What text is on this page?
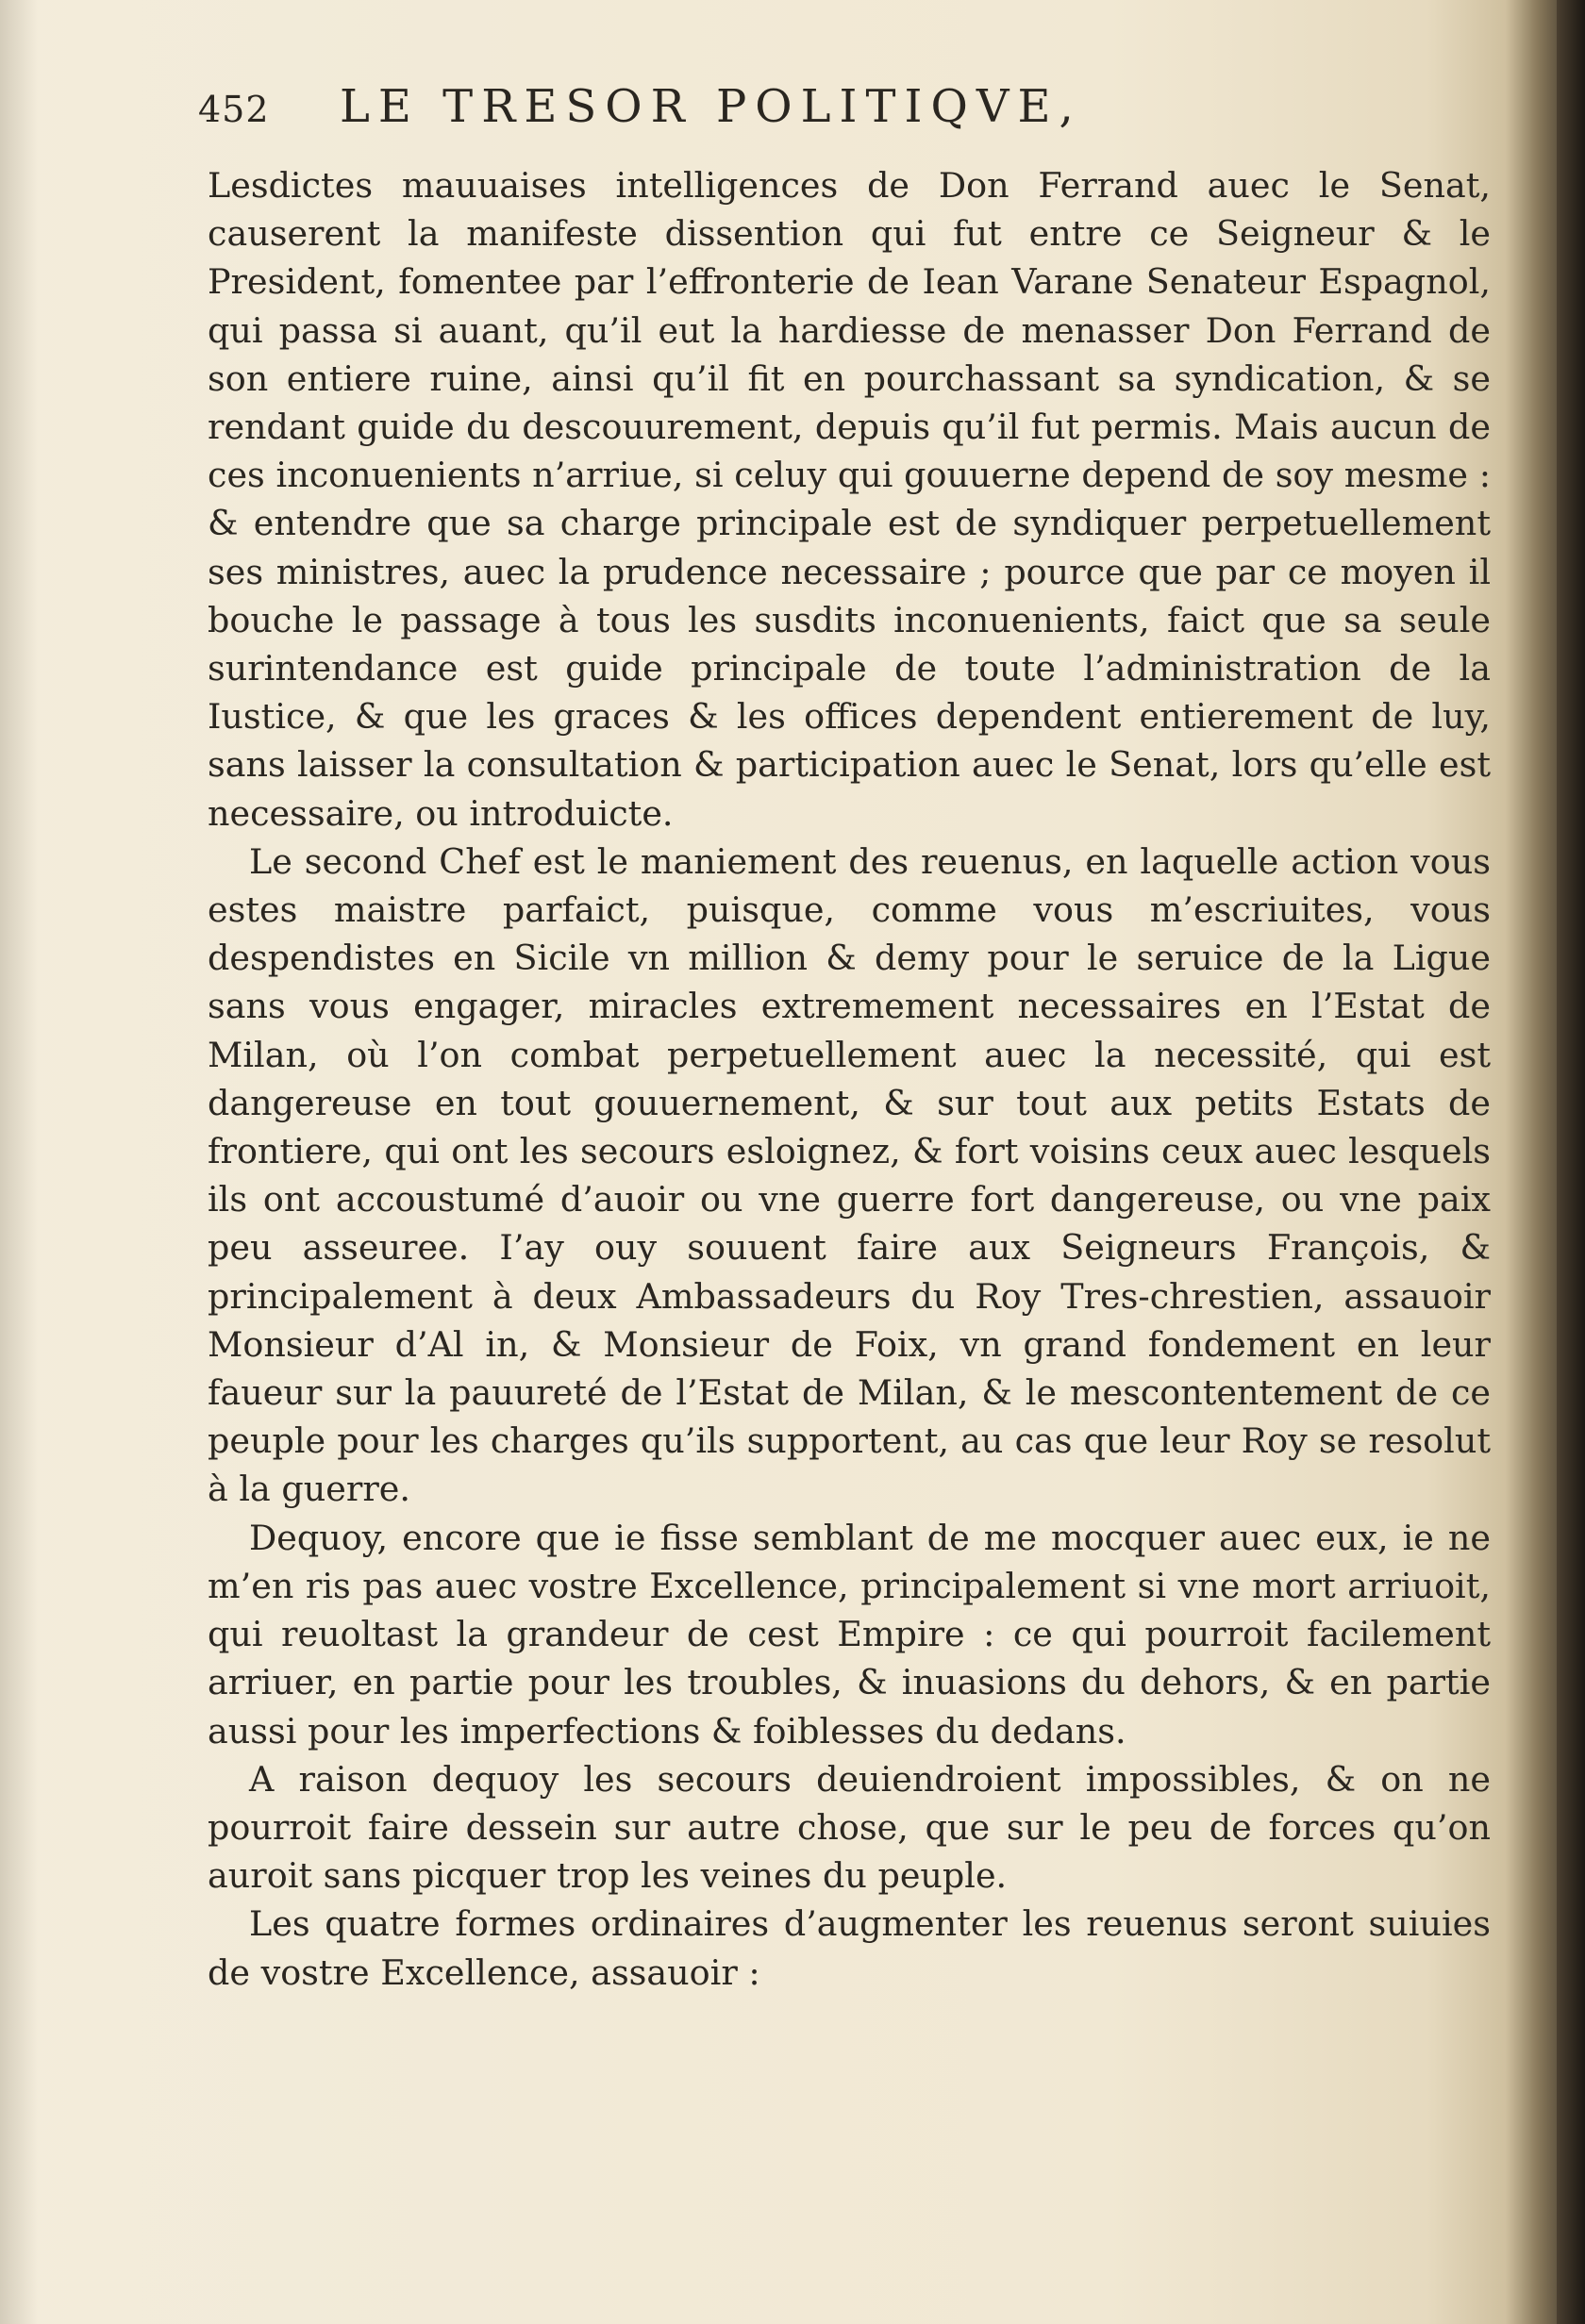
452	LE TRESOR POLITIQVE,

Lesdictes mauuaises intelligences de Don Ferrand auec le Senat, causerent la manifeste dissention qui fut entre ce Seigneur & le President, fomentee par l’effronterie de Iean Varane Senateur Espagnol, qui passa si auant, qu’il eut la hardiesse de menasser Don Ferrand de son entiere ruine, ainsi qu’il fit en pourchassant sa syndication, & se rendant guide du descouurement, depuis qu’il fut permis. Mais aucun de ces inconuenients n’arriue, si celuy qui gouuerne depend de soy mesme : & entendre que sa charge principale est de syndiquer perpetuellement ses ministres, auec la prudence necessaire ; pource que par ce moyen il bouche le passage à tous les susdits inconuenients, faict que sa seule surintendance est guide principale de toute l’administration de la Iustice, & que les graces & les offices dependent entierement de luy, sans laisser la consultation & participation auec le Senat, lors qu’elle est necessaire, ou introduicte.

Le second Chef est le maniement des reuenus, en laquelle action vous estes maistre parfaict, puisque, comme vous m’escriuites, vous despendistes en Sicile vn million & demy pour le seruice de la Ligue sans vous engager, miracles extremement necessaires en l’Estat de Milan, où l’on combat perpetuellement auec la necessité, qui est dangereuse en tout gouuernement, & sur tout aux petits Estats de frontiere, qui ont les secours esloignez, & fort voisins ceux auec lesquels ils ont accoustumé d’auoir ou vne guerre fort dangereuse, ou vne paix peu asseuree. I’ay ouy souuent faire aux Seigneurs François, & principalement à deux Ambassadeurs du Roy Tres-chrestien, assauoir Monsieur d’Al in, & Monsieur de Foix, vn grand fondement en leur faueur sur la pauureté de l’Estat de Milan, & le mescontentement de ce peuple pour les charges qu’ils supportent, au cas que leur Roy se resolut à la guerre.

Dequoy, encore que ie fisse semblant de me mocquer auec eux, ie ne m’en ris pas auec vostre Excellence, principalement si vne mort arriuoit, qui reuoltast la grandeur de cest Empire : ce qui pourroit facilement arriuer, en partie pour les troubles, & inuasions du dehors, & en partie aussi pour les imperfections & foiblesses du dedans.

A raison dequoy les secours deuiendroient impossibles, & on ne pourroit faire dessein sur autre chose, que sur le peu de forces qu’on auroit sans picquer trop les veines du peuple.

Les quatre formes ordinaires d’augmenter les reuenus seront suiuies de vostre Excellence, assauoir :
